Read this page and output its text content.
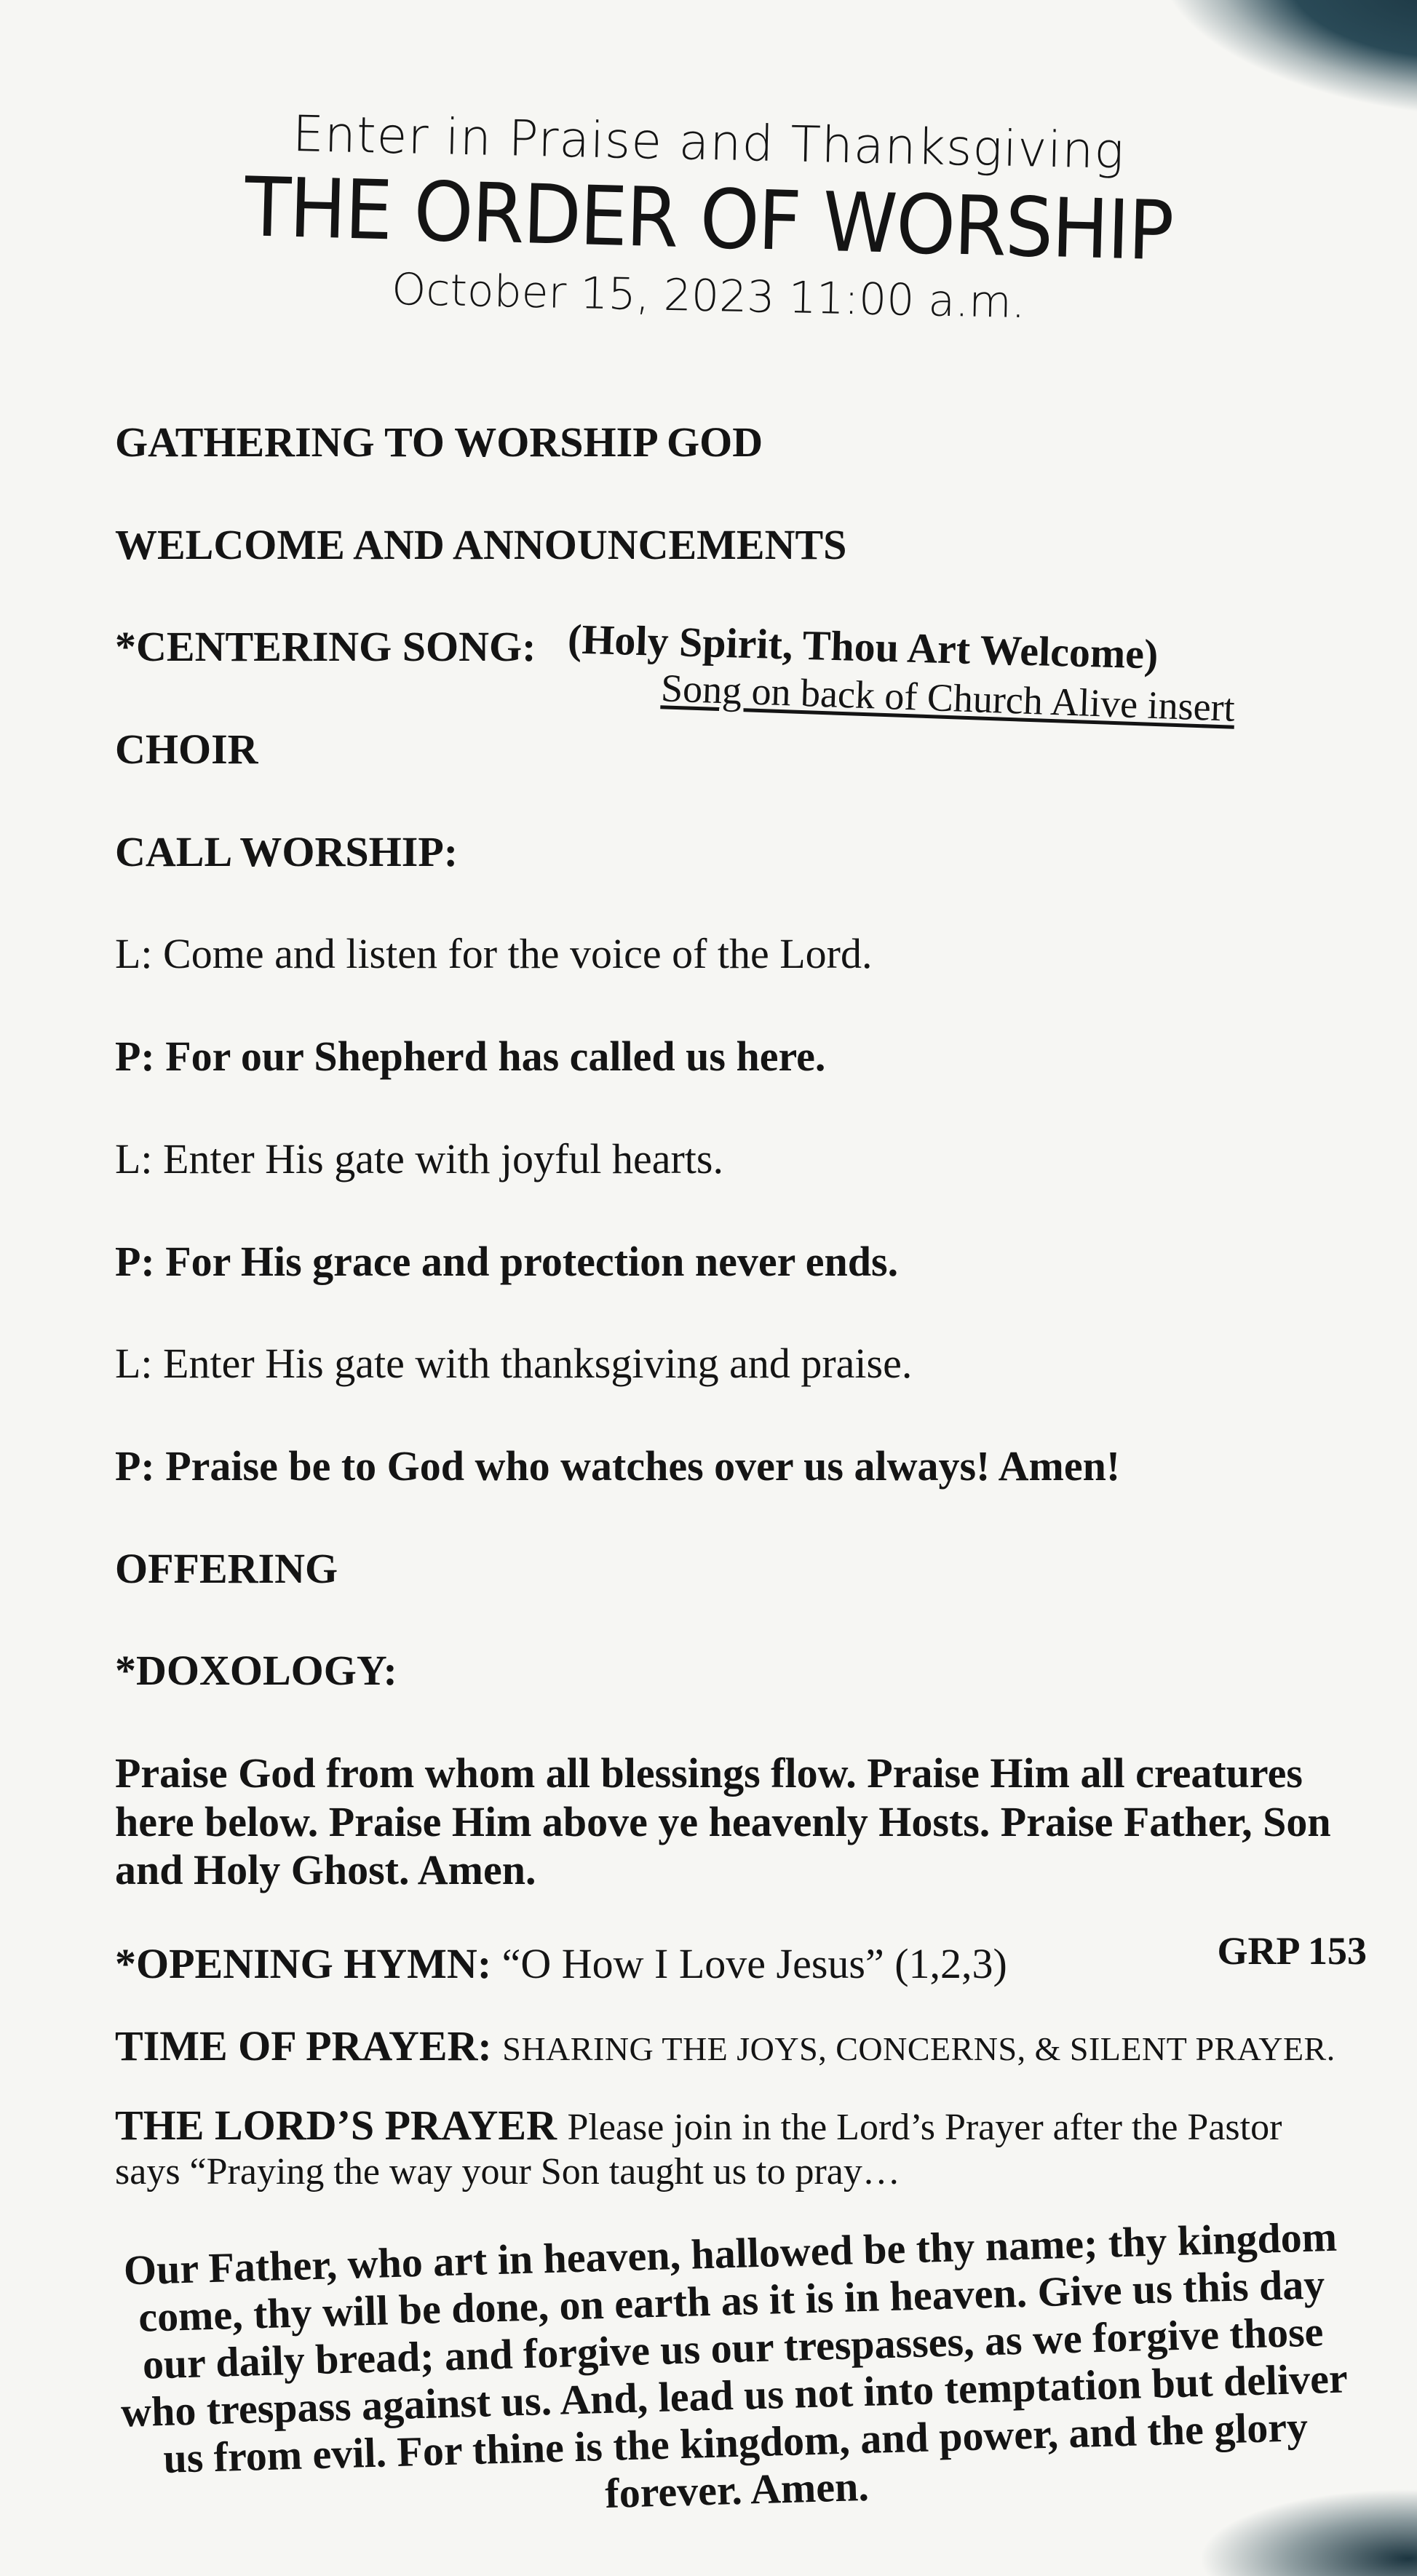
Enter in Praise and Thanksgiving

THE ORDER OF WORSHIP

October 15, 2023 11:00 a.m.

GATHERING TO WORSHIP GOD

WELCOME AND ANNOUNCEMENTS

*CENTERING SONG: (Holy Spirit, Thou Art Welcome)

Song on back of Church Alive insert

CHOIR

CALL WORSHIP:

L: Come and listen for the voice of the Lord.

P: For our Shepherd has called us here.

L: Enter His gate with joyful hearts.

P: For His grace and protection never ends.

L: Enter His gate with thanksgiving and praise.

P: Praise be to God who watches over us always! Amen!

OFFERING

*DOXOLOGY:

Praise God from whom all blessings flow. Praise Him all creatures here below. Praise Him above ye heavenly Hosts. Praise Father, Son and Holy Ghost. Amen.

*OPENING HYMN: “O How I Love Jesus” (1,2,3)	GRP 153

TIME OF PRAYER: SHARING THE JOYS, CONCERNS, & SILENT PRAYER.

THE LORD’S PRAYER Please join in the Lord’s Prayer after the Pastor says “Praying the way your Son taught us to pray…

Our Father, who art in heaven, hallowed be thy name; thy kingdom come, thy will be done, on earth as it is in heaven. Give us this day our daily bread; and forgive us our trespasses, as we forgive those who trespass against us. And, lead us not into temptation but deliver us from evil. For thine is the kingdom, and power, and the glory forever. Amen.
